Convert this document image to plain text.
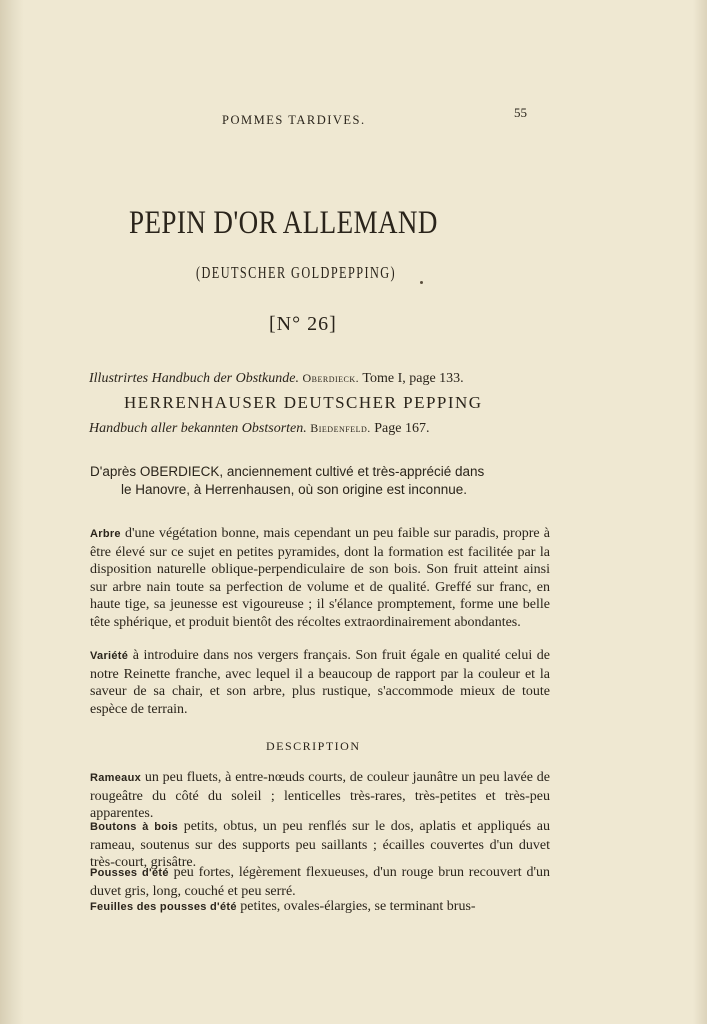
POMMES TARDIVES.	55
PEPIN D'OR ALLEMAND
(DEUTSCHER GOLDPEPPING)
[N° 26]
Illustrirtes Handbuch der Obstkunde. Oberdieck. Tome I, page 133.
HERRENHAUSER DEUTSCHER PEPPING
Handbuch aller bekannten Obstsorten. Biedenfeld. Page 167.
D'après OBERDIECK, anciennement cultivé et très-apprécié dans
le Hanovre, à Herrenhausen, où son origine est inconnue.
Arbre d'une végétation bonne, mais cependant un peu faible sur paradis, propre à être élevé sur ce sujet en petites pyramides, dont la formation est facilitée par la disposition naturelle oblique-perpendiculaire de son bois. Son fruit atteint ainsi sur arbre nain toute sa perfection de volume et de qualité. Greffé sur franc, en haute tige, sa jeunesse est vigoureuse ; il s'élance promptement, forme une belle tête sphérique, et produit bientôt des récoltes extraordinairement abondantes.
Variété à introduire dans nos vergers français. Son fruit égale en qualité celui de notre Reinette franche, avec lequel il a beaucoup de rapport par la couleur et la saveur de sa chair, et son arbre, plus rustique, s'accommode mieux de toute espèce de terrain.
DESCRIPTION
Rameaux un peu fluets, à entre-nœuds courts, de couleur jaunâtre un peu lavée de rougeâtre du côté du soleil ; lenticelles très-rares, très-petites et très-peu apparentes.
Boutons à bois petits, obtus, un peu renflés sur le dos, aplatis et appliqués au rameau, soutenus sur des supports peu saillants ; écailles couvertes d'un duvet très-court, grisâtre.
Pousses d'été peu fortes, légèrement flexueuses, d'un rouge brun recouvert d'un duvet gris, long, couché et peu serré.
Feuilles des pousses d'été petites, ovales-élargies, se terminant brus-
